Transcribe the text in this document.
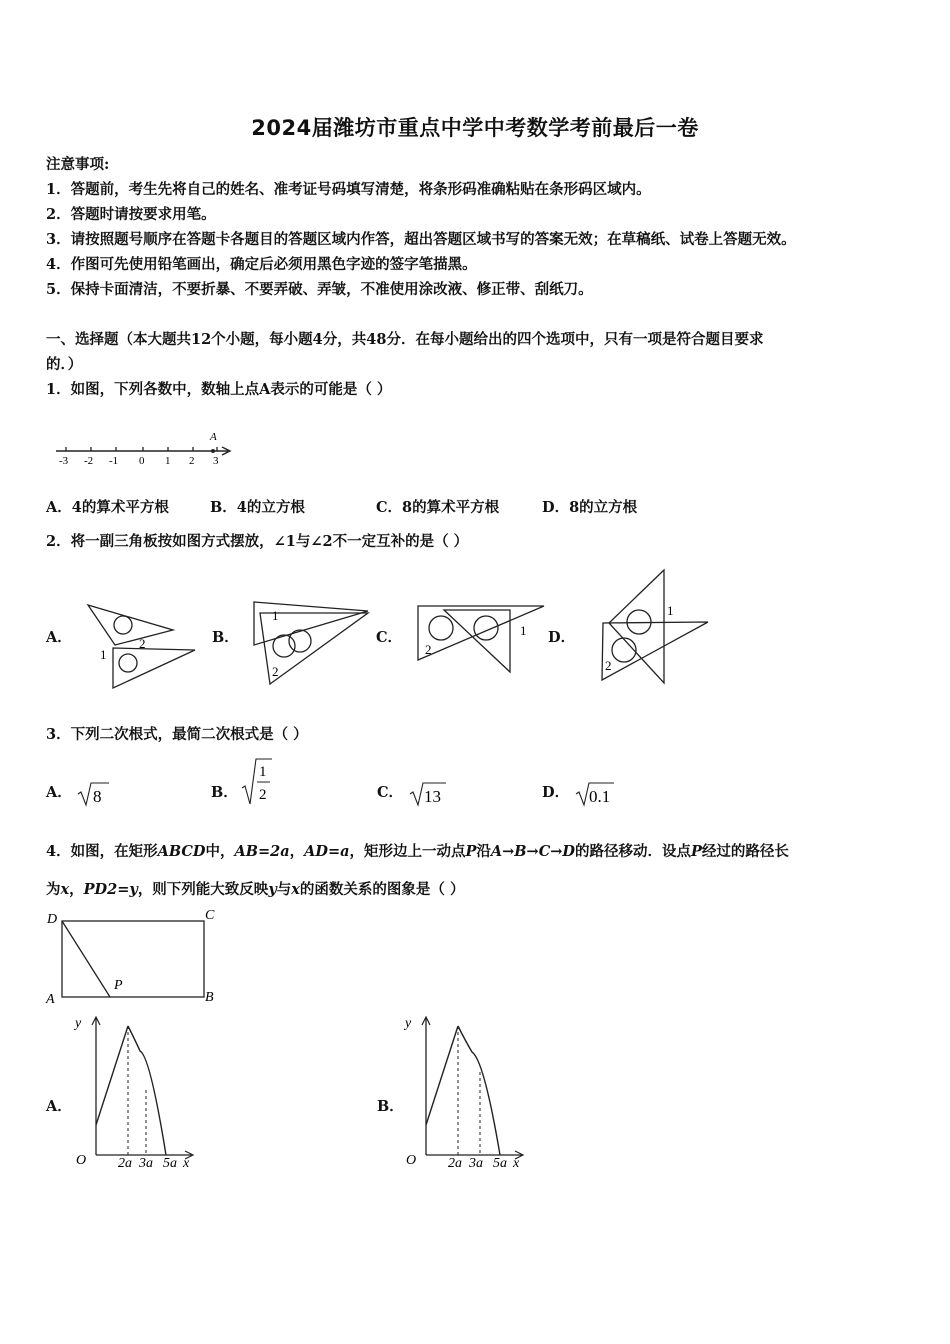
2024届潍坊市重点中学中考数学考前最后一卷
注意事项:
1．答题前，考生先将自己的姓名、准考证号码填写清楚，将条形码准确粘贴在条形码区域内。
2．答题时请按要求用笔。
3．请按照题号顺序在答题卡各题目的答题区域内作答，超出答题区域书写的答案无效；在草稿纸、试卷上答题无效。
4．作图可先使用铅笔画出，确定后必须用黑色字迹的签字笔描黑。
5．保持卡面清洁，不要折暴、不要弄破、弄皱，不准使用涂改液、修正带、刮纸刀。
一、选择题（本大题共12个小题，每小题4分，共48分．在每小题给出的四个选项中，只有一项是符合题目要求
的．）
1．如图，下列各数中，数轴上点A表示的可能是（ ）
A
-3 -2 -1 0 1 2 3
A．4的算术平方根	B．4的立方根	C．8的算术平方根	D．8的立方根
2．将一副三角板按如图方式摆放，∠1与∠2不一定互补的是（ ）
A．
1
2	B．
1
2
C．	1
2
D．
1
2
3．下列二次根式，最简二次根式是（ ）
A． 8	B．
1
2	C． 13	D． 0.1
4．如图，在矩形ABCD中，AB=2a，AD=a，矩形边上一动点P沿A→B→C→D的路径移动．设点P经过的路径长
为x，PD2=y，则下列能大致反映y与x的函数关系的图象是（ ）
D	C
A	B
P
A．
y
O 2a 3a 5a x
B．
y
O 2a 3a 5a x
